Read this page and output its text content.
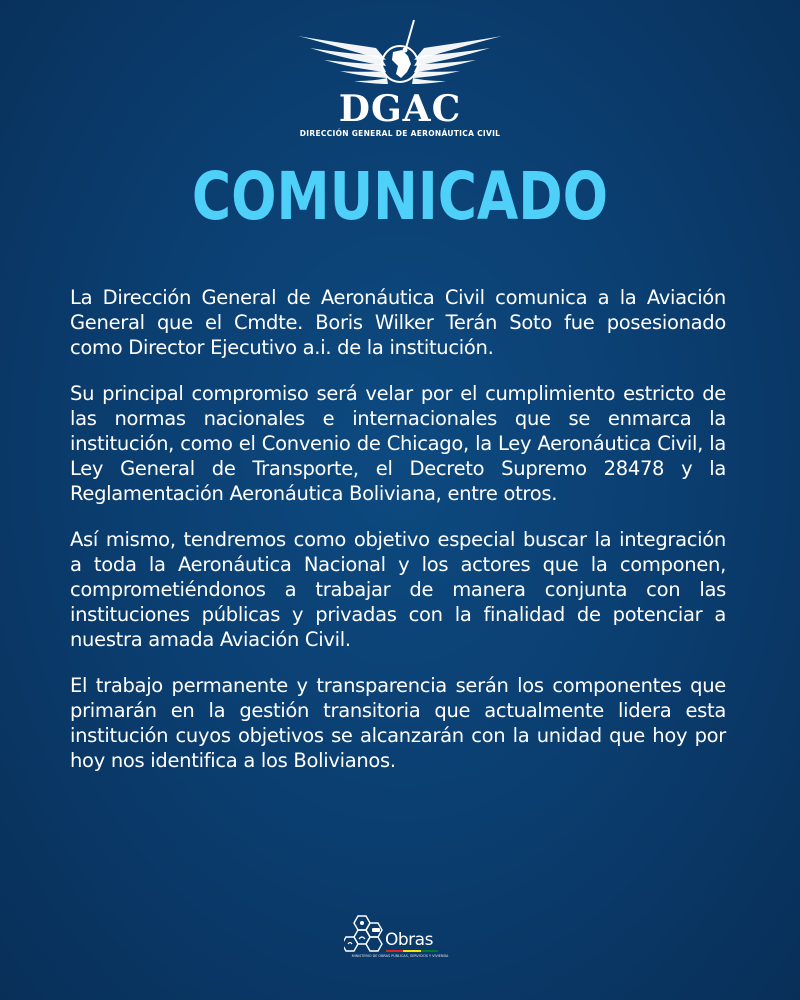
DGAC
DIRECCIÓN GENERAL DE AERONÁUTICA CIVIL
COMUNICADO

La Dirección General de Aeronáutica Civil comunica a la Aviación General que el Cmdte. Boris Wilker Terán Soto fue posesionado como Director Ejecutivo a.i. de la institución.

Su principal compromiso será velar por el cumplimiento estricto de las normas nacionales e internacionales que se enmarca la institución, como el Convenio de Chicago, la Ley Aeronáutica Civil, la Ley General de Transporte, el Decreto Supremo 28478 y la Reglamentación Aeronáutica Boliviana, entre otros.

Así mismo, tendremos como objetivo especial buscar la integración a toda la Aeronáutica Nacional y los actores que la componen, comprometiéndonos a trabajar de manera conjunta con las instituciones públicas y privadas con la finalidad de potenciar a nuestra amada Aviación Civil.

El trabajo permanente y transparencia serán los componentes que primarán en la gestión transitoria que actualmente lidera esta institución cuyos objetivos se alcanzarán con la unidad que hoy por hoy nos identifica a los Bolivianos.

Obras
MINISTERIO DE OBRAS PÚBLICAS, SERVICIOS Y VIVIENDA
